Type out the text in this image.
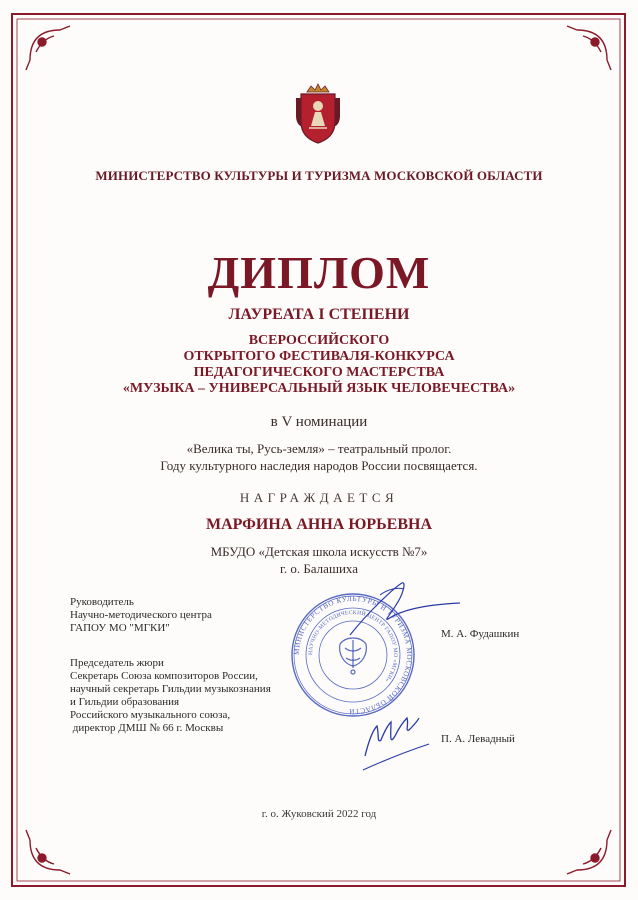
МИНИСТЕРСТВО КУЛЬТУРЫ И ТУРИЗМА МОСКОВСКОЙ ОБЛАСТИ
ДИПЛОМ
ЛАУРЕАТА I СТЕПЕНИ
ВСЕРОССИЙСКОГО
ОТКРЫТОГО ФЕСТИВАЛЯ-КОНКУРСА
ПЕДАГОГИЧЕСКОГО МАСТЕРСТВА
«МУЗЫКА – УНИВЕРСАЛЬНЫЙ ЯЗЫК ЧЕЛОВЕЧЕСТВА»
в V номинации
«Велика ты, Русь-земля» – театральный пролог.
Году культурного наследия народов России посвящается.
НАГРАЖДАЕТСЯ
МАРФИНА АННА ЮРЬЕВНА
МБУДО «Детская школа искусств №7»
г. о. Балашиха
Руководитель
Научно-методического центра
ГАПОУ МО "МГКИ"	М. А. Фудашкин
Председатель жюри
Секретарь Союза композиторов России,
научный секретарь Гильдии музыкознания
и Гильдии образования
Российского музыкального союза,
директор ДМШ № 66 г. Москвы
П. А. Левадный
МИНИСТЕРСТВО КУЛЬТУРЫ И ТУРИЗМА МОСКОВСКОЙ ОБЛАСТИ
НАУЧНО-МЕТОДИЧЕСКИЙ ЦЕНТР ГАПОУ МО «МГКИ»
г. о. Жуковский 2022 год
